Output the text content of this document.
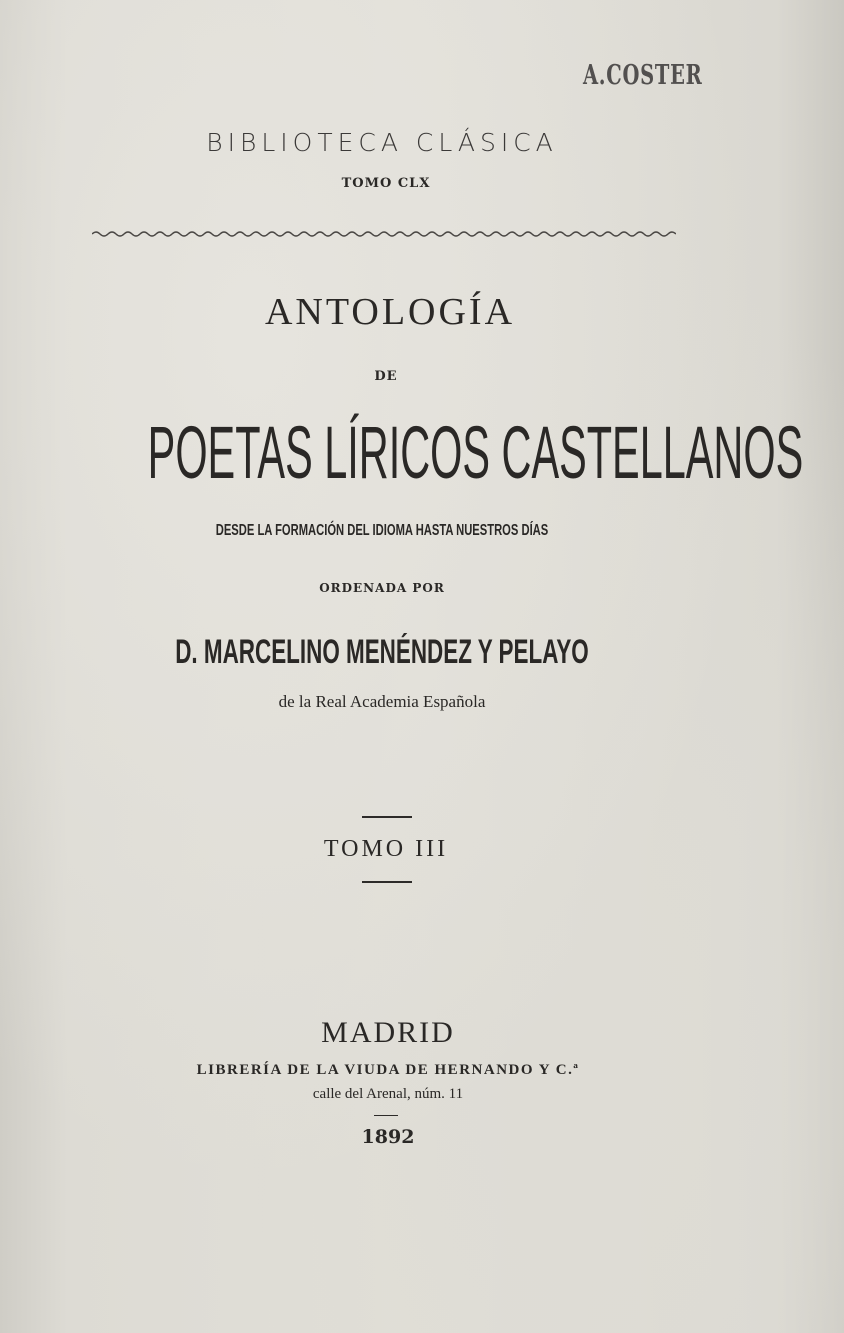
A.COSTER
BIBLIOTECA CLÁSICA
TOMO CLX
ANTOLOGÍA
DE
POETAS LÍRICOS CASTELLANOS
DESDE LA FORMACIÓN DEL IDIOMA HASTA NUESTROS DÍAS
ORDENADA POR
D. MARCELINO MENÉNDEZ Y PELAYO
de la Real Academia Española
TOMO III
MADRID
LIBRERÍA DE LA VIUDA DE HERNANDO Y C.ª
calle del Arenal, núm. 11
1892
